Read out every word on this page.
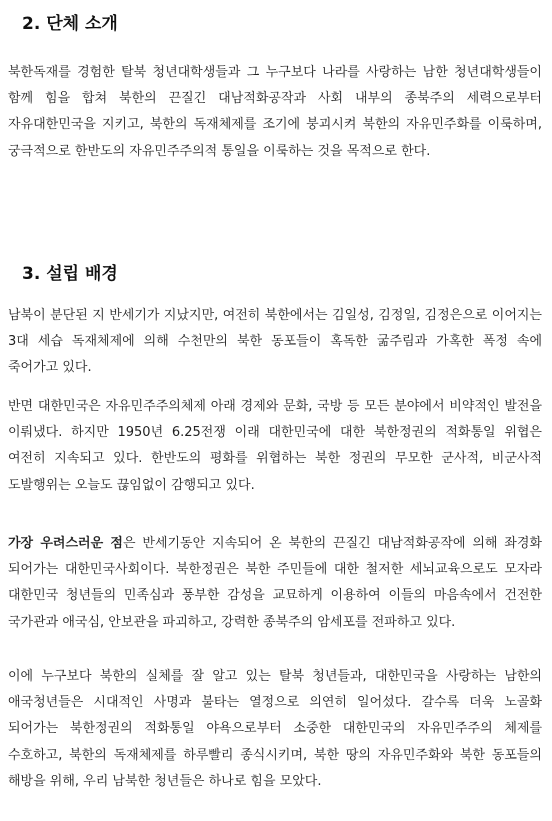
2. 단체 소개

북한독재를 경험한 탈북 청년대학생들과 그 누구보다 나라를 사랑하는 남한 청년대학생들이 함께 힘을 합쳐 북한의 끈질긴 대남적화공작과 사회 내부의 종북주의 세력으로부터 자유대한민국을 지키고, 북한의 독재체제를 조기에 붕괴시켜 북한의 자유민주화를 이룩하며, 궁극적으로 한반도의 자유민주주의적 통일을 이룩하는 것을 목적으로 한다.

3. 설립 배경

남북이 분단된 지 반세기가 지났지만, 여전히 북한에서는 김일성, 김정일, 김정은으로 이어지는 3대 세습 독재체제에 의해 수천만의 북한 동포들이 혹독한 굶주림과 가혹한 폭정 속에 죽어가고 있다.

반면 대한민국은 자유민주주의체제 아래 경제와 문화, 국방 등 모든 분야에서 비약적인 발전을 이뤄냈다. 하지만 1950년 6.25전쟁 이래 대한민국에 대한 북한정권의 적화통일 위협은 여전히 지속되고 있다. 한반도의 평화를 위협하는 북한 정권의 무모한 군사적, 비군사적 도발행위는 오늘도 끊임없이 감행되고 있다.

가장 우려스러운 점은 반세기동안 지속되어 온 북한의 끈질긴 대남적화공작에 의해 좌경화 되어가는 대한민국사회이다. 북한정권은 북한 주민들에 대한 철저한 세뇌교육으로도 모자라 대한민국 청년들의 민족심과 풍부한 감성을 교묘하게 이용하여 이들의 마음속에서 건전한 국가관과 애국심, 안보관을 파괴하고, 강력한 종북주의 암세포를 전파하고 있다.

이에 누구보다 북한의 실체를 잘 알고 있는 탈북 청년들과, 대한민국을 사랑하는 남한의 애국청년들은 시대적인 사명과 불타는 열정으로 의연히 일어섰다. 갈수록 더욱 노골화 되어가는 북한정권의 적화통일 야욕으로부터 소중한 대한민국의 자유민주주의 체제를 수호하고, 북한의 독재체제를 하루빨리 종식시키며, 북한 땅의 자유민주화와 북한 동포들의 해방을 위해, 우리 남북한 청년들은 하나로 힘을 모았다.
